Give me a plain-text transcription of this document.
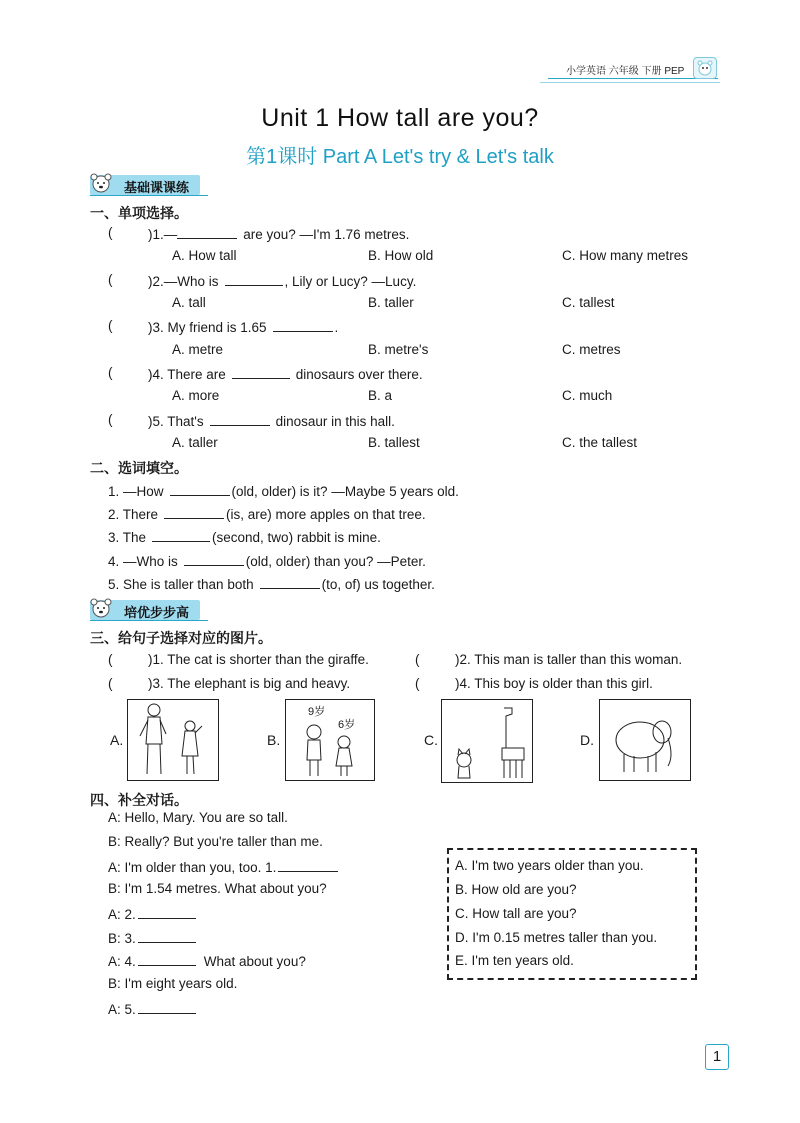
小学英语 六年级 下册 PEP
Unit 1 How tall are you?
第1课时 Part A Let's try & Let's talk
基础课课练
一、单项选择。
(	)1.—	are you? —I'm 1.76 metres.
A. How tall	B. How old	C. How many metres
(	)2.—Who is	, Lily or Lucy? —Lucy.
A. tall	B. taller	C. tallest
(	)3. My friend is 1.65	.
A. metre	B. metre's	C. metres
(	)4. There are	dinosaurs over there.
A. more	B. a	C. much
(	)5. That's	dinosaur in this hall.
A. taller	B. tallest	C. the tallest
二、选词填空。
1. —How	(old, older) is it? —Maybe 5 years old.
2. There	(is, are) more apples on that tree.
3. The	(second, two) rabbit is mine.
4. —Who is	(old, older) than you? —Peter.
5. She is taller than both	(to, of) us together.
培优步步高
三、给句子选择对应的图片。
(	)1. The cat is shorter than the giraffe.	(	)2. This man is taller than this woman.
(	)3. The elephant is big and heavy.	(	)4. This boy is older than this girl.
A.	B.
9岁
6岁
C.	D.
四、补全对话。
A: Hello, Mary. You are so tall.
B: Really? But you're taller than me.
A: I'm older than you, too. 1.
B: I'm 1.54 metres. What about you?
A: 2.
B: 3.
A: 4.	What about you?
B: I'm eight years old.
A: 5.
A. I'm two years older than you.
B. How old are you?
C. How tall are you?
D. I'm 0.15 metres taller than you.
E. I'm ten years old.
1
